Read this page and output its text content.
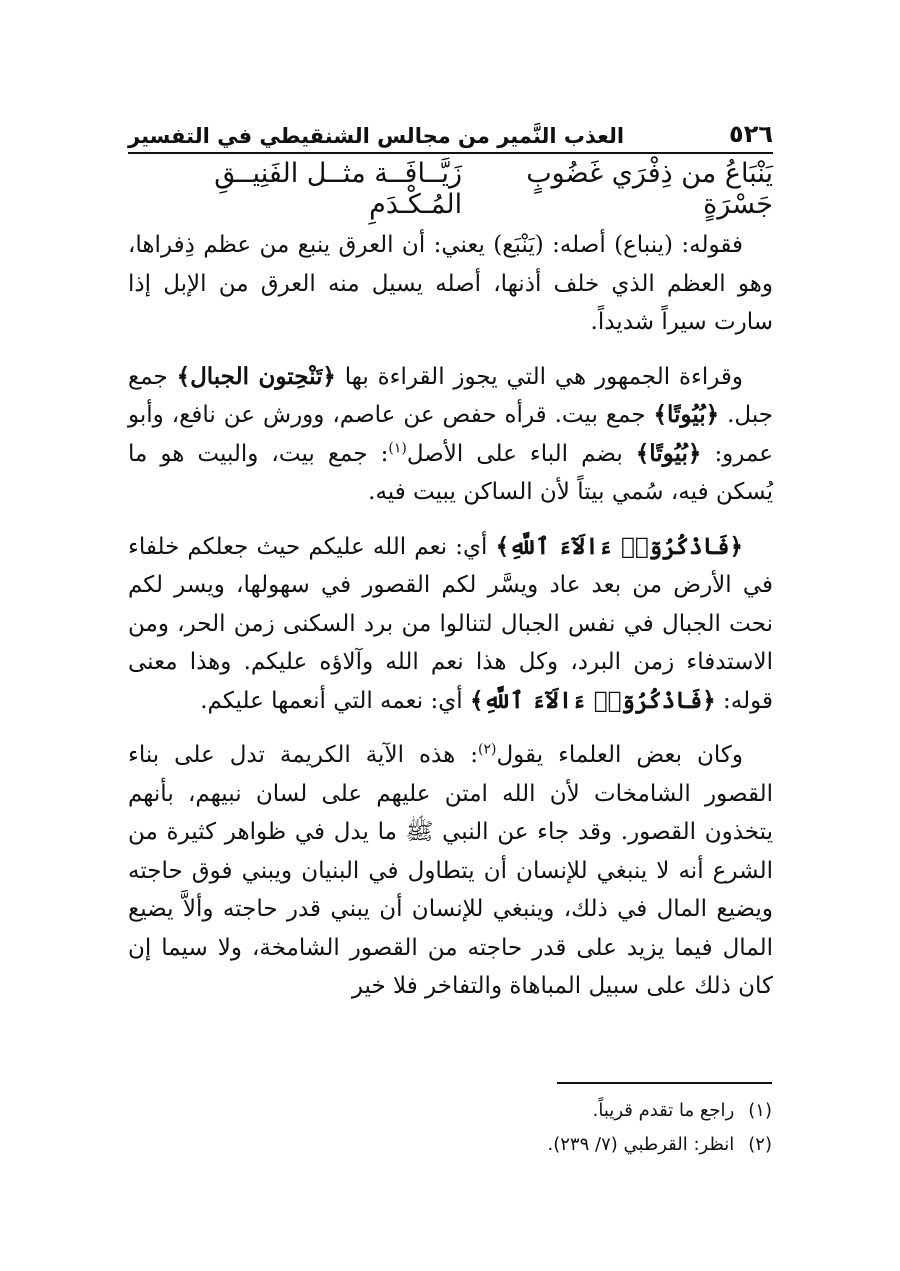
٥٢٦
العذب النَّمير من مجالس الشنقيطي في التفسير
يَنْبَاعُ من ذِفْرَي غَضُوبٍ جَسْرَةٍ
زَيَّــافَــة مثــل الفَنِيــقِ المُـكْـدَمِ

فقوله: (ينباع) أصله: (يَنْبَع) يعني: أن العرق ينبع من عظم ذِفراها، وهو العظم الذي خلف أذنها، أصله يسيل منه العرق من الإبل إذا سارت سيراً شديداً.

وقراءة الجمهور هي التي يجوز القراءة بها ﴿تَنْحِتون الجبال﴾ جمع جبل. ﴿بُيُوتًا﴾ جمع بيت. قرأه حفص عن عاصم، وورش عن نافع، وأبو عمرو: ﴿بُيُوتًا﴾ بضم الباء على الأصل$^{(١)}$: جمع بيت، والبيت هو ما يُسكن فيه، سُمي بيتاً لأن الساكن يبيت فيه.

﴿فَاذْكُرُوٓا۟ ءَالَآءَ ٱللَّهِ﴾ أي: نعم الله عليكم حيث جعلكم خلفاء في الأرض من بعد عاد ويسَّر لكم القصور في سهولها، ويسر لكم نحت الجبال في نفس الجبال لتنالوا من برد السكنى زمن الحر، ومن الاستدفاء زمن البرد، وكل هذا نعم الله وآلاؤه عليكم. وهذا معنى قوله: ﴿فَاذْكُرُوٓا۟ ءَالَآءَ ٱللَّهِ﴾ أي: نعمه التي أنعمها عليكم.

وكان بعض العلماء يقول$^{(٢)}$: هذه الآية الكريمة تدل على بناء القصور الشامخات لأن الله امتن عليهم على لسان نبيهم، بأنهم يتخذون القصور. وقد جاء عن النبي ﷺ ما يدل في ظواهر كثيرة من الشرع أنه لا ينبغي للإنسان أن يتطاول في البنيان ويبني فوق حاجته ويضيع المال في ذلك، وينبغي للإنسان أن يبني قدر حاجته وألاَّ يضيع المال فيما يزيد على قدر حاجته من القصور الشامخة، ولا سيما إن كان ذلك على سبيل المباهاة والتفاخر فلا خير

(١)
راجع ما تقدم قريباً.
(٢)
انظر: القرطبي (٧/ ٢٣٩).
